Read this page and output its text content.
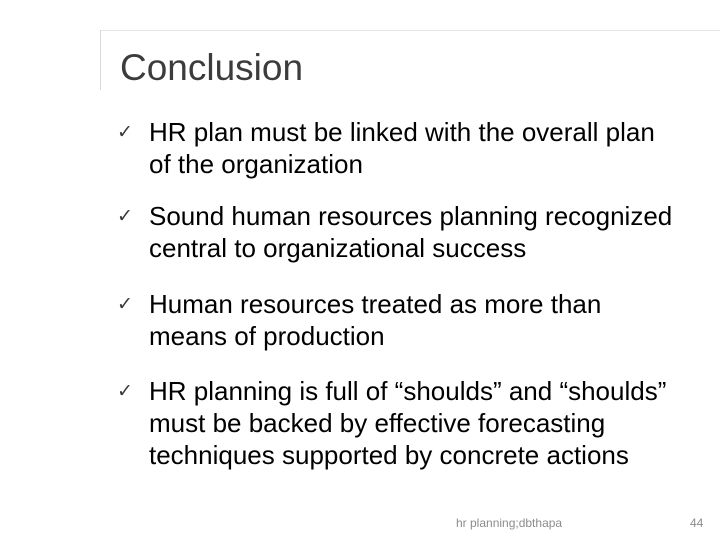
Conclusion
✓ HR plan must be linked with the overall plan of the organization
✓ Sound human resources planning recognized central to organizational success
✓ Human resources treated as more than means of production
✓ HR planning is full of “shoulds” and “shoulds” must be backed by effective forecasting techniques supported by concrete actions
hr planning;dbthapa	44
